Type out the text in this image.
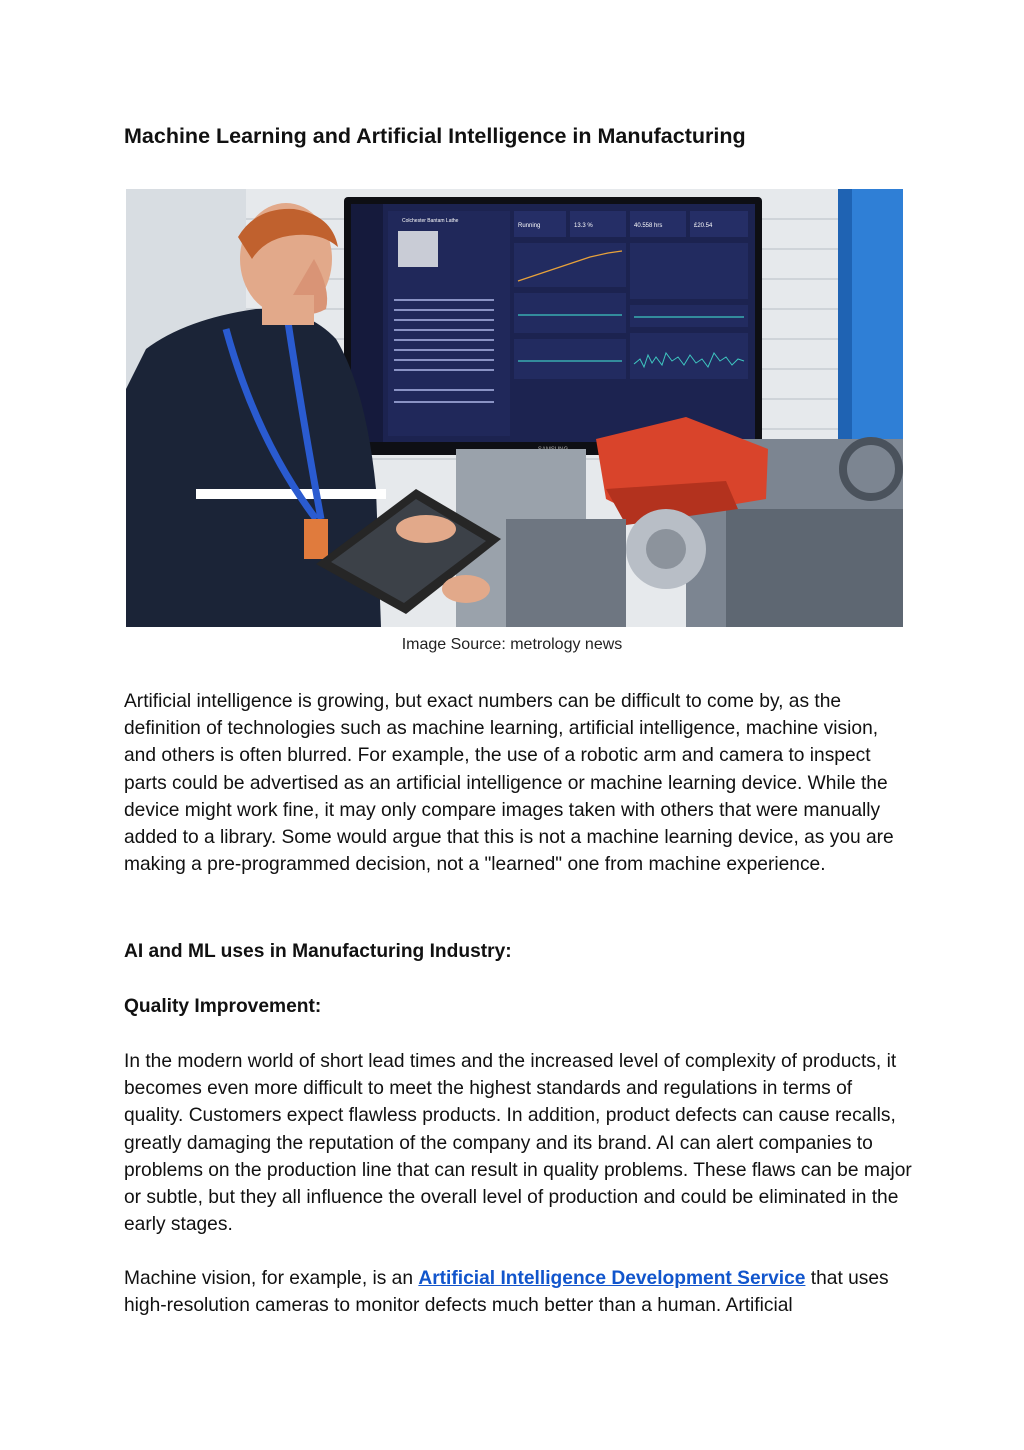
Machine Learning and Artificial Intelligence in Manufacturing
Colchester Bantam Lathe
Running	13.3 %	40.558 hrs	£20.54
Image Source: metrology news

Artificial intelligence is growing, but exact numbers can be difficult to come by, as the definition of technologies such as machine learning, artificial intelligence, machine vision, and others is often blurred. For example, the use of a robotic arm and camera to inspect parts could be advertised as an artificial intelligence or machine learning device. While the device might work fine, it may only compare images taken with others that were manually added to a library. Some would argue that this is not a machine learning device, as you are making a pre-programmed decision, not a "learned" one from machine experience.

AI and ML uses in Manufacturing Industry:
Quality Improvement:

In the modern world of short lead times and the increased level of complexity of products, it becomes even more difficult to meet the highest standards and regulations in terms of quality. Customers expect flawless products. In addition, product defects can cause recalls, greatly damaging the reputation of the company and its brand. AI can alert companies to problems on the production line that can result in quality problems. These flaws can be major or subtle, but they all influence the overall level of production and could be eliminated in the early stages.

Machine vision, for example, is an Artificial Intelligence Development Service that uses high-resolution cameras to monitor defects much better than a human. Artificial
